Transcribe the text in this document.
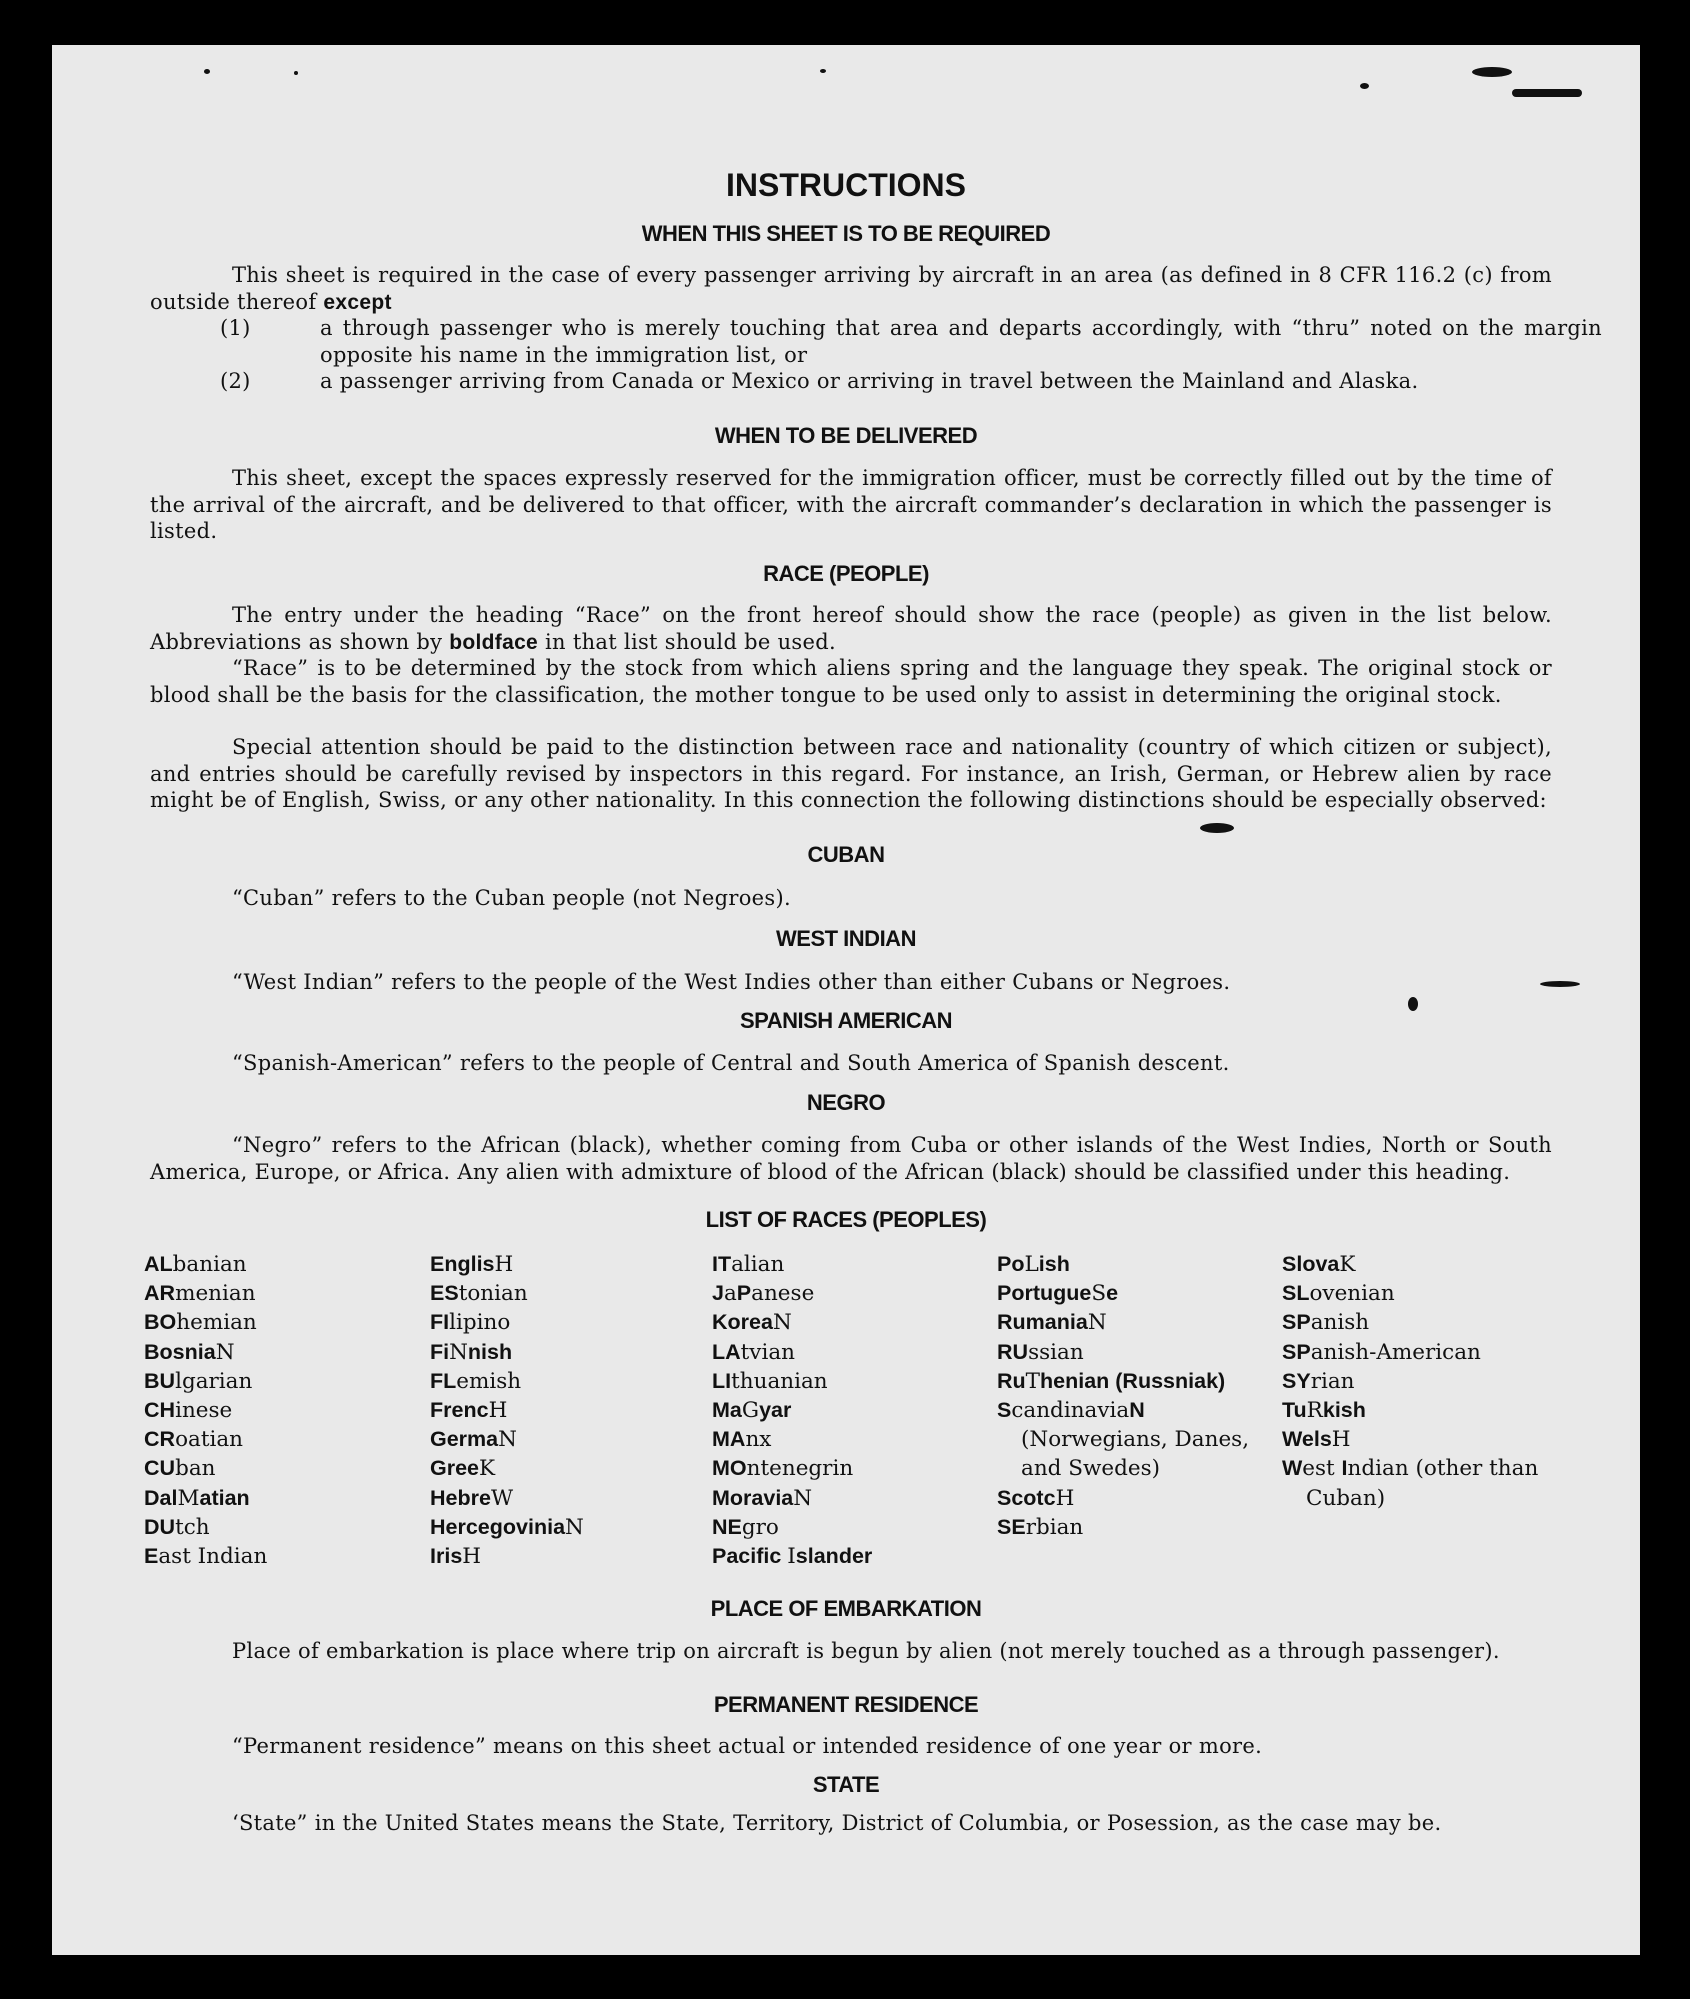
INSTRUCTIONS
WHEN THIS SHEET IS TO BE REQUIRED
This sheet is required in the case of every passenger arriving by aircraft in an area (as defined in 8 CFR 116.2 (c) from outside thereof except
(1)	a through passenger who is merely touching that area and departs accordingly, with “thru” noted on the margin opposite his name in the immigration list, or
(2)	a passenger arriving from Canada or Mexico or arriving in travel between the Mainland and Alaska.
WHEN TO BE DELIVERED
This sheet, except the spaces expressly reserved for the immigration officer, must be correctly filled out by the time of the arrival of the aircraft, and be delivered to that officer, with the aircraft commander’s declaration in which the passenger is listed.
RACE (PEOPLE)
The entry under the heading “Race” on the front hereof should show the race (people) as given in the list below. Abbreviations as shown by boldface in that list should be used.
“Race” is to be determined by the stock from which aliens spring and the language they speak. The original stock or blood shall be the basis for the classification, the mother tongue to be used only to assist in determining the original stock.
Special attention should be paid to the distinction between race and nationality (country of which citizen or subject), and entries should be carefully revised by inspectors in this regard. For instance, an Irish, German, or Hebrew alien by race might be of English, Swiss, or any other nationality. In this connection the following distinctions should be especially observed:
CUBAN
“Cuban” refers to the Cuban people (not Negroes).
WEST INDIAN
“West Indian” refers to the people of the West Indies other than either Cubans or Negroes.
SPANISH AMERICAN
“Spanish-American” refers to the people of Central and South America of Spanish descent.
NEGRO
“Negro” refers to the African (black), whether coming from Cuba or other islands of the West Indies, North or South America, Europe, or Africa. Any alien with admixture of blood of the African (black) should be classified under this heading.
LIST OF RACES (PEOPLES)
ALbanian
ARmenian
BOhemian
BosniaN
BUlgarian
CHinese
CRoatian
CUban
DalMatian
DUtch
East Indian
EnglisH
EStonian
FIlipino
FiNnish
FLemish
FrencH
GermaN
GreeK
HebreW
HercegoviniaN
IrisH
ITalian
JaPanese
KoreaN
LAtvian
LIthuanian
MaGyar
MAnx
MOntenegrin
MoraviaN
NEgro
Pacific Islander
PoLish
PortugueSe
RumaniaN
RUssian
RuThenian (Russniak)
ScandinaviaN (Norwegians, Danes, and Swedes)
ScotcH
SErbian
SlovaK
SLovenian
SPanish
SPanish-American
SYrian
TuRkish
WelsH
West Indian (other than Cuban)
PLACE OF EMBARKATION
Place of embarkation is place where trip on aircraft is begun by alien (not merely touched as a through passenger).
PERMANENT RESIDENCE
“Permanent residence” means on this sheet actual or intended residence of one year or more.
STATE
‘State” in the United States means the State, Territory, District of Columbia, or Posession, as the case may be.
